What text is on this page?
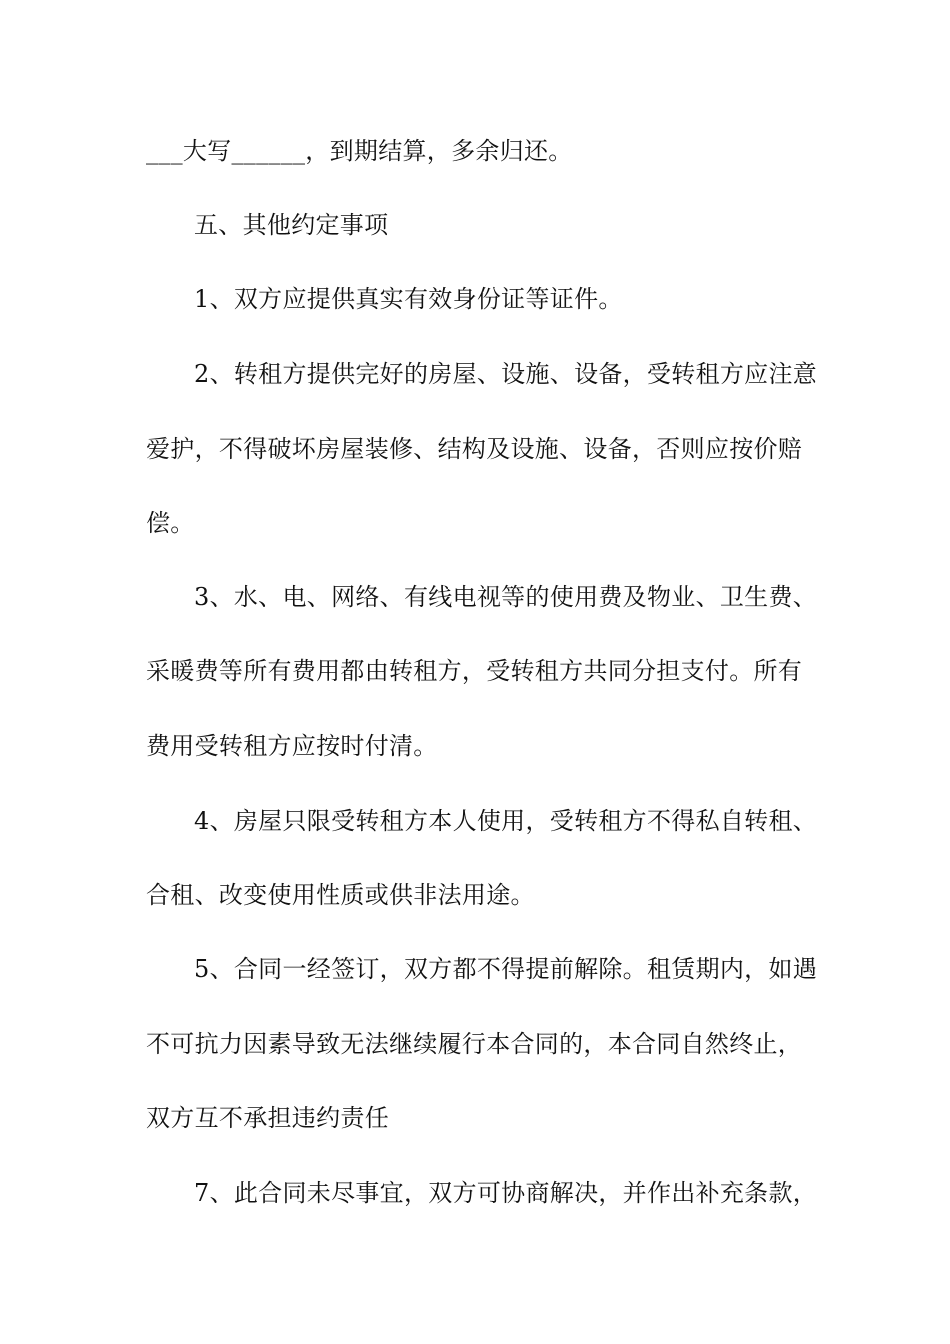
___大写______，到期结算，多余归还。

五、其他约定事项

1、双方应提供真实有效身份证等证件。

2、转租方提供完好的房屋、设施、设备，受转租方应注意

爱护，不得破坏房屋装修、结构及设施、设备，否则应按价赔

偿。

3、水、电、网络、有线电视等的使用费及物业、卫生费、

采暖费等所有费用都由转租方，受转租方共同分担支付。所有

费用受转租方应按时付清。

4、房屋只限受转租方本人使用，受转租方不得私自转租、

合租、改变使用性质或供非法用途。

5、合同一经签订，双方都不得提前解除。租赁期内，如遇

不可抗力因素导致无法继续履行本合同的，本合同自然终止，

双方互不承担违约责任

7、此合同未尽事宜，双方可协商解决，并作出补充条款，
